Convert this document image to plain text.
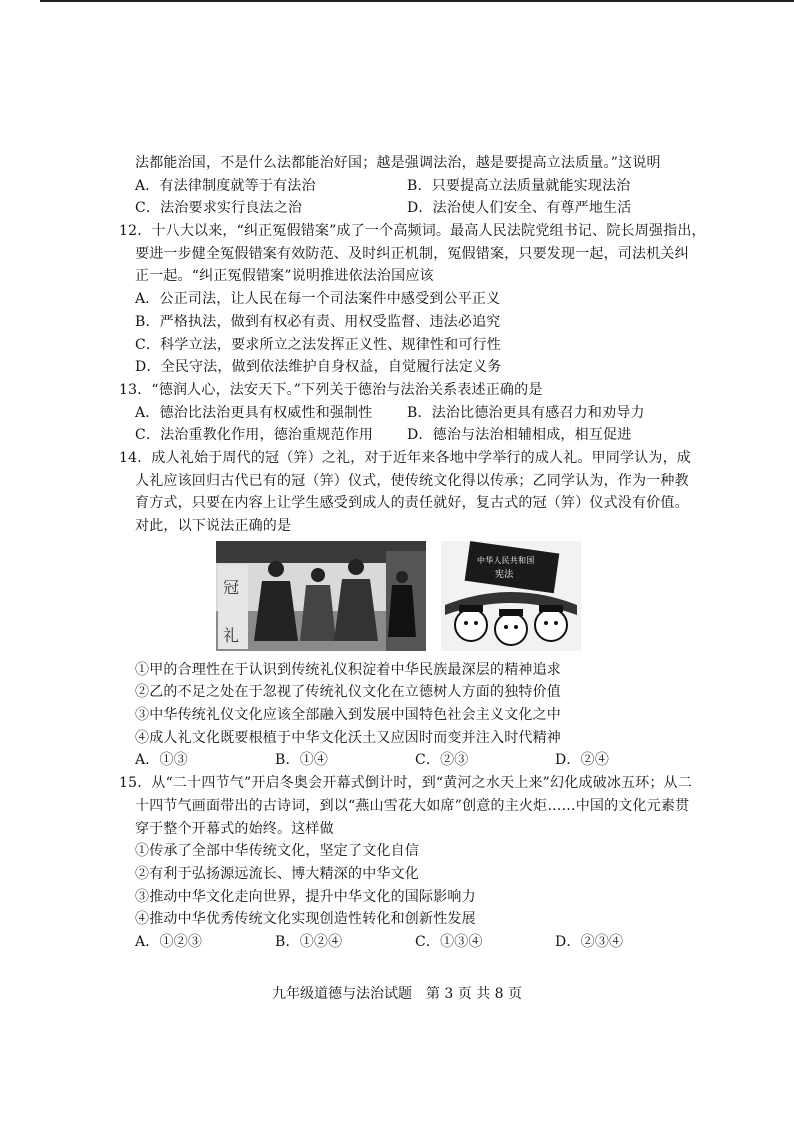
法都能治国，不是什么法都能治好国；越是强调法治，越是要提高立法质量。”这说明
A．有法律制度就等于有法治	B．只要提高立法质量就能实现法治
C．法治要求实行良法之治	D．法治使人们安全、有尊严地生活
12．十八大以来，“纠正冤假错案”成了一个高频词。最高人民法院党组书记、院长周强指出，
要进一步健全冤假错案有效防范、及时纠正机制，冤假错案，只要发现一起，司法机关纠
正一起。“纠正冤假错案”说明推进依法治国应该
A．公正司法，让人民在每一个司法案件中感受到公平正义
B．严格执法，做到有权必有责、用权受监督、违法必追究
C．科学立法，要求所立之法发挥正义性、规律性和可行性
D．全民守法，做到依法维护自身权益，自觉履行法定义务
13．“德润人心，法安天下。”下列关于德治与法治关系表述正确的是
A．德治比法治更具有权威性和强制性	B．法治比德治更具有感召力和劝导力
C．法治重教化作用，德治重规范作用	D．德治与法治相辅相成，相互促进
14．成人礼始于周代的冠（笄）之礼，对于近年来各地中学举行的成人礼。甲同学认为，成
人礼应该回归古代已有的冠（笄）仪式，使传统文化得以传承；乙同学认为，作为一种教
育方式，只要在内容上让学生感受到成人的责任就好，复古式的冠（笄）仪式没有价值。
对此，以下说法正确的是
冠
礼
中华人民共和国
宪法
①甲的合理性在于认识到传统礼仪积淀着中华民族最深层的精神追求
②乙的不足之处在于忽视了传统礼仪文化在立德树人方面的独特价值
③中华传统礼仪文化应该全部融入到发展中国特色社会主义文化之中
④成人礼文化既要根植于中华文化沃土又应因时而变并注入时代精神
A．①③	B．①④	C．②③	D．②④
15．从“二十四节气”开启冬奥会开幕式倒计时，到“黄河之水天上来”幻化成破冰五环；从二
十四节气画面带出的古诗词，到以“燕山雪花大如席”创意的主火炬……中国的文化元素贯
穿于整个开幕式的始终。这样做
①传承了全部中华传统文化，坚定了文化自信
②有利于弘扬源远流长、博大精深的中华文化
③推动中华文化走向世界，提升中华文化的国际影响力
④推动中华优秀传统文化实现创造性转化和创新性发展
A．①②③	B．①②④	C．①③④	D．②③④
九年级道德与法治试题　第 3 页 共 8 页
